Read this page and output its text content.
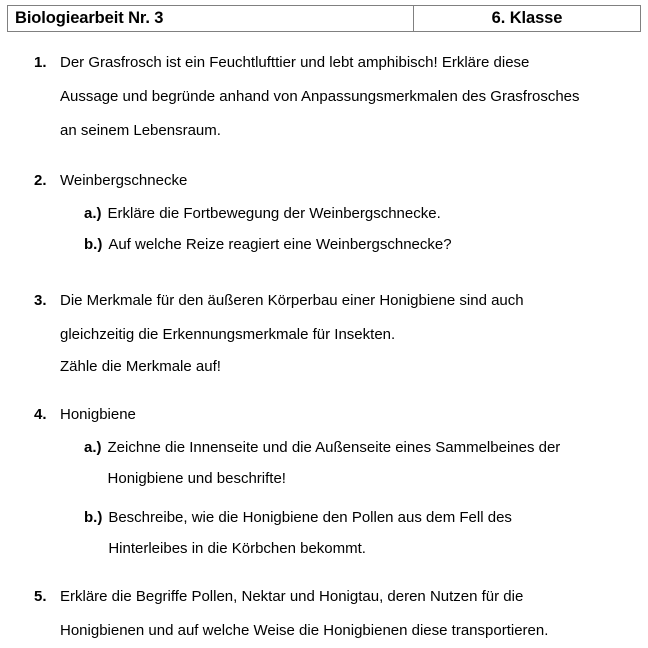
Biologiearbeit Nr. 3	6. Klasse
1. Der Grasfrosch ist ein Feuchtlufttier und lebt amphibisch! Erkläre diese
Aussage und begründe anhand von Anpassungsmerkmalen des Grasfrosches
an seinem Lebensraum.
2. Weinbergschnecke
a.) Erkläre die Fortbewegung der Weinbergschnecke.
b.) Auf welche Reize reagiert eine Weinbergschnecke?
3. Die Merkmale für den äußeren Körperbau einer Honigbiene sind auch
gleichzeitig die Erkennungsmerkmale für Insekten.
Zähle die Merkmale auf!
4. Honigbiene
a.) Zeichne die Innenseite und die Außenseite eines Sammelbeines der
Honigbiene und beschrifte!
b.) Beschreibe, wie die Honigbiene den Pollen aus dem Fell des
Hinterleibes in die Körbchen bekommt.
5. Erkläre die Begriffe Pollen, Nektar und Honigtau, deren Nutzen für die
Honigbienen und auf welche Weise die Honigbienen diese transportieren.
